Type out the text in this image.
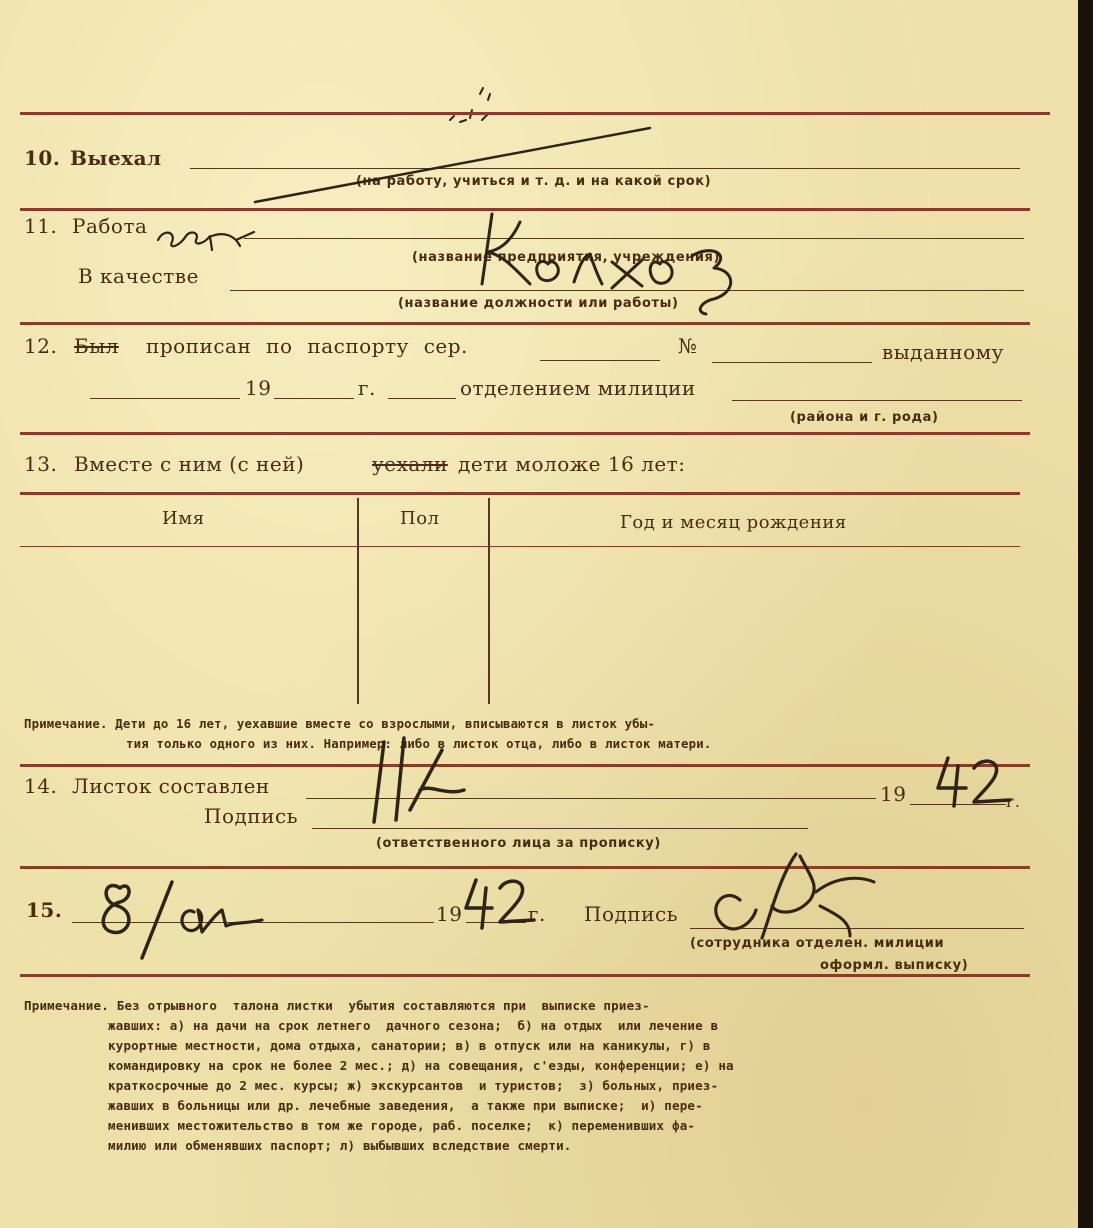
10. Выехал
(на работу, учиться и т. д. и на какой срок)
11. Работа
(название предприятия, учреждения)
В качестве
(название должности или работы)
12. Был прописан по паспорту сер.	№	выданному
19	г.	отделением милиции
(района и г. рода)
13. Вместе с ним (с ней)	уехали дети моложе 16 лет:
Имя	Пол	Год и месяц рождения
Примечание. Дети до 16 лет, уехавшие вместе со взрослыми, вписываются в листок убы-
тия только одного из них. Например: либо в листок отца, либо в листок матери.
14. Листок составлен	19	г.
Подпись
(ответственного лица за прописку)
15.	19	г. Подпись
(сотрудника отделен. милиции
оформл. выписку)
Примечание. Без отрывного  талона листки  убытия составляются при  выписке приез-
жавших: а) на дачи на срок летнего  дачного сезона;  б) на отдых  или лечение в
курортные местности, дома отдыха, санатории; в) в отпуск или на каникулы, г) в
командировку на срок не более 2 мес.; д) на совещания, с'езды, конференции; е) на
краткосрочные до 2 мес. курсы; ж) экскурсантов  и туристов;  з) больных, приез-
жавших в больницы или др. лечебные заведения,  а также при выписке;  и) пере-
менивших местожительство в том же городе, раб. поселке;  к) переменивших фа-
милию или обменявших паспорт; л) выбывших вследствие смерти.
